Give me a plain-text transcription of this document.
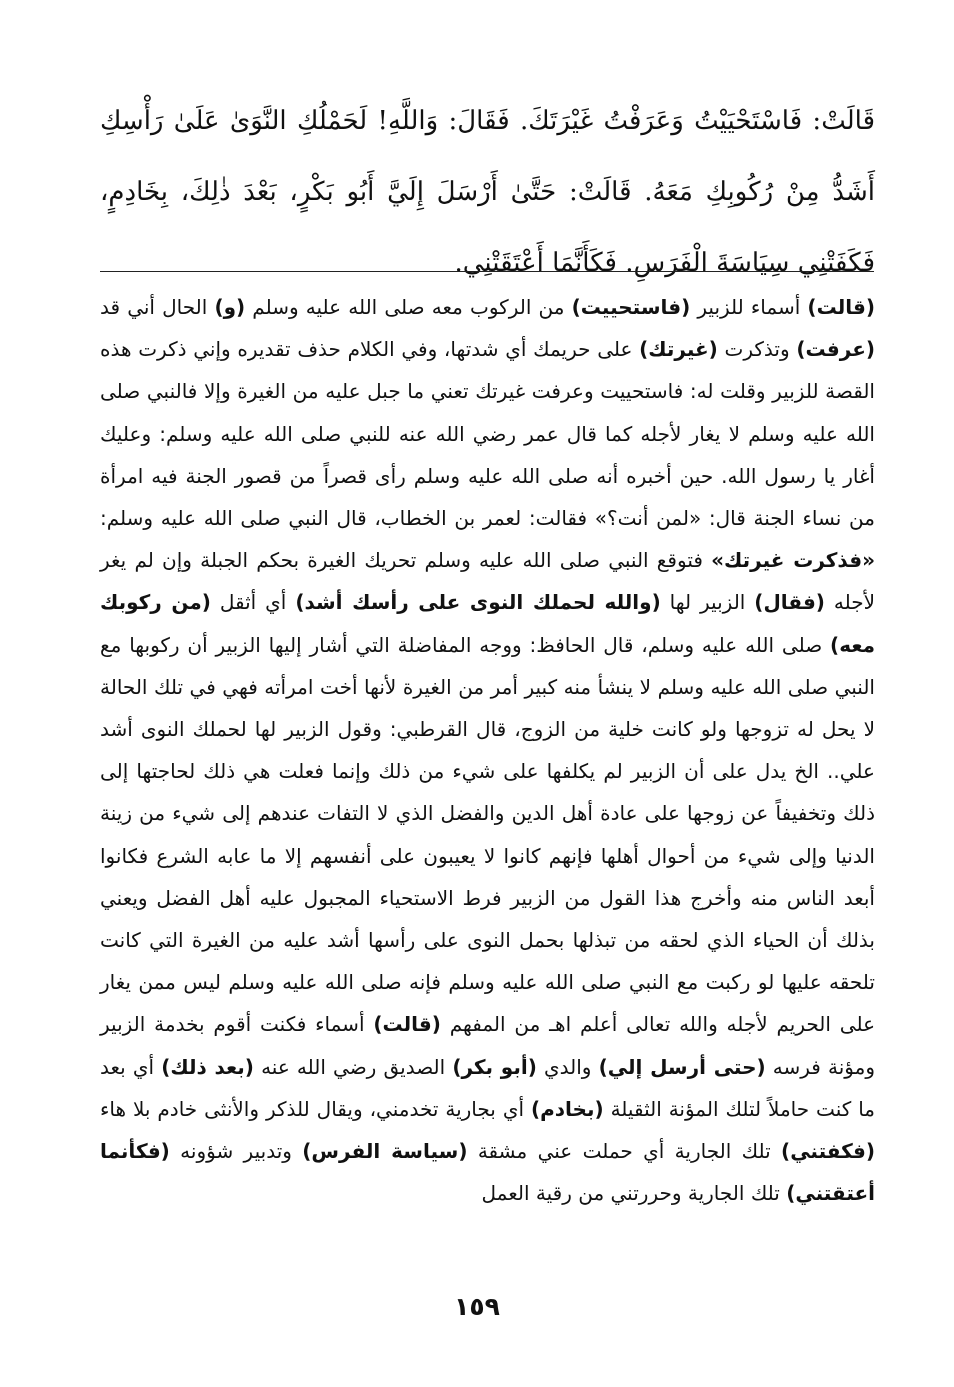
قَالَتْ: فَاسْتَحْيَيْتُ وَعَرَفْتُ غَيْرَتَكَ. فَقَالَ: وَاللَّهِ! لَحَمْلُكِ النَّوَىٰ عَلَىٰ رَأْسِكِ أَشَدُّ مِنْ رُكُوبِكِ مَعَهُ. قَالَتْ: حَتَّىٰ أَرْسَلَ إِلَيَّ أَبُو بَكْرٍ، بَعْدَ ذٰلِكَ، بِخَادِمٍ، فَكَفَتْنِي سِيَاسَةَ الْفَرَسِ. فَكَأَنَّمَا أَعْتَقَتْنِي.

(قالت) أسماء للزبير (فاستحييت) من الركوب معه صلى الله عليه وسلم (و) الحال أني قد (عرفت) وتذكرت (غيرتك) على حريمك أي شدتها، وفي الكلام حذف تقديره وإني ذكرت هذه القصة للزبير وقلت له: فاستحييت وعرفت غيرتك تعني ما جبل عليه من الغيرة وإلا فالنبي صلى الله عليه وسلم لا يغار لأجله كما قال عمر رضي الله عنه للنبي صلى الله عليه وسلم: وعليك أغار يا رسول الله. حين أخبره أنه صلى الله عليه وسلم رأى قصراً من قصور الجنة فيه امرأة من نساء الجنة قال: «لمن أنت؟» فقالت: لعمر بن الخطاب، قال النبي صلى الله عليه وسلم: «فذكرت غيرتك» فتوقع النبي صلى الله عليه وسلم تحريك الغيرة بحكم الجبلة وإن لم يغر لأجله (فقال) الزبير لها (والله لحملك النوى على رأسك أشد) أي أثقل (من ركوبك معه) صلى الله عليه وسلم، قال الحافظ: ووجه المفاضلة التي أشار إليها الزبير أن ركوبها مع النبي صلى الله عليه وسلم لا ينشأ منه كبير أمر من الغيرة لأنها أخت امرأته فهي في تلك الحالة لا يحل له تزوجها ولو كانت خلية من الزوج، قال القرطبي: وقول الزبير لها لحملك النوى أشد علي.. الخ يدل على أن الزبير لم يكلفها على شيء من ذلك وإنما فعلت هي ذلك لحاجتها إلى ذلك وتخفيفاً عن زوجها على عادة أهل الدين والفضل الذي لا التفات عندهم إلى شيء من زينة الدنيا وإلى شيء من أحوال أهلها فإنهم كانوا لا يعيبون على أنفسهم إلا ما عابه الشرع فكانوا أبعد الناس منه وأخرج هذا القول من الزبير فرط الاستحياء المجبول عليه أهل الفضل ويعني بذلك أن الحياء الذي لحقه من تبذلها بحمل النوى على رأسها أشد عليه من الغيرة التي كانت تلحقه عليها لو ركبت مع النبي صلى الله عليه وسلم فإنه صلى الله عليه وسلم ليس ممن يغار على الحريم لأجله والله تعالى أعلم اهـ من المفهم (قالت) أسماء فكنت أقوم بخدمة الزبير ومؤنة فرسه (حتى أرسل إلي) والدي (أبو بكر) الصديق رضي الله عنه (بعد ذلك) أي بعد ما كنت حاملاً لتلك المؤنة الثقيلة (بخادم) أي بجارية تخدمني، ويقال للذكر والأنثى خادم بلا هاء (فكفتني) تلك الجارية أي حملت عني مشقة (سياسة الفرس) وتدبير شؤونه (فكأنما أعتقتني) تلك الجارية وحررتني من رقية العمل

١٥٩
